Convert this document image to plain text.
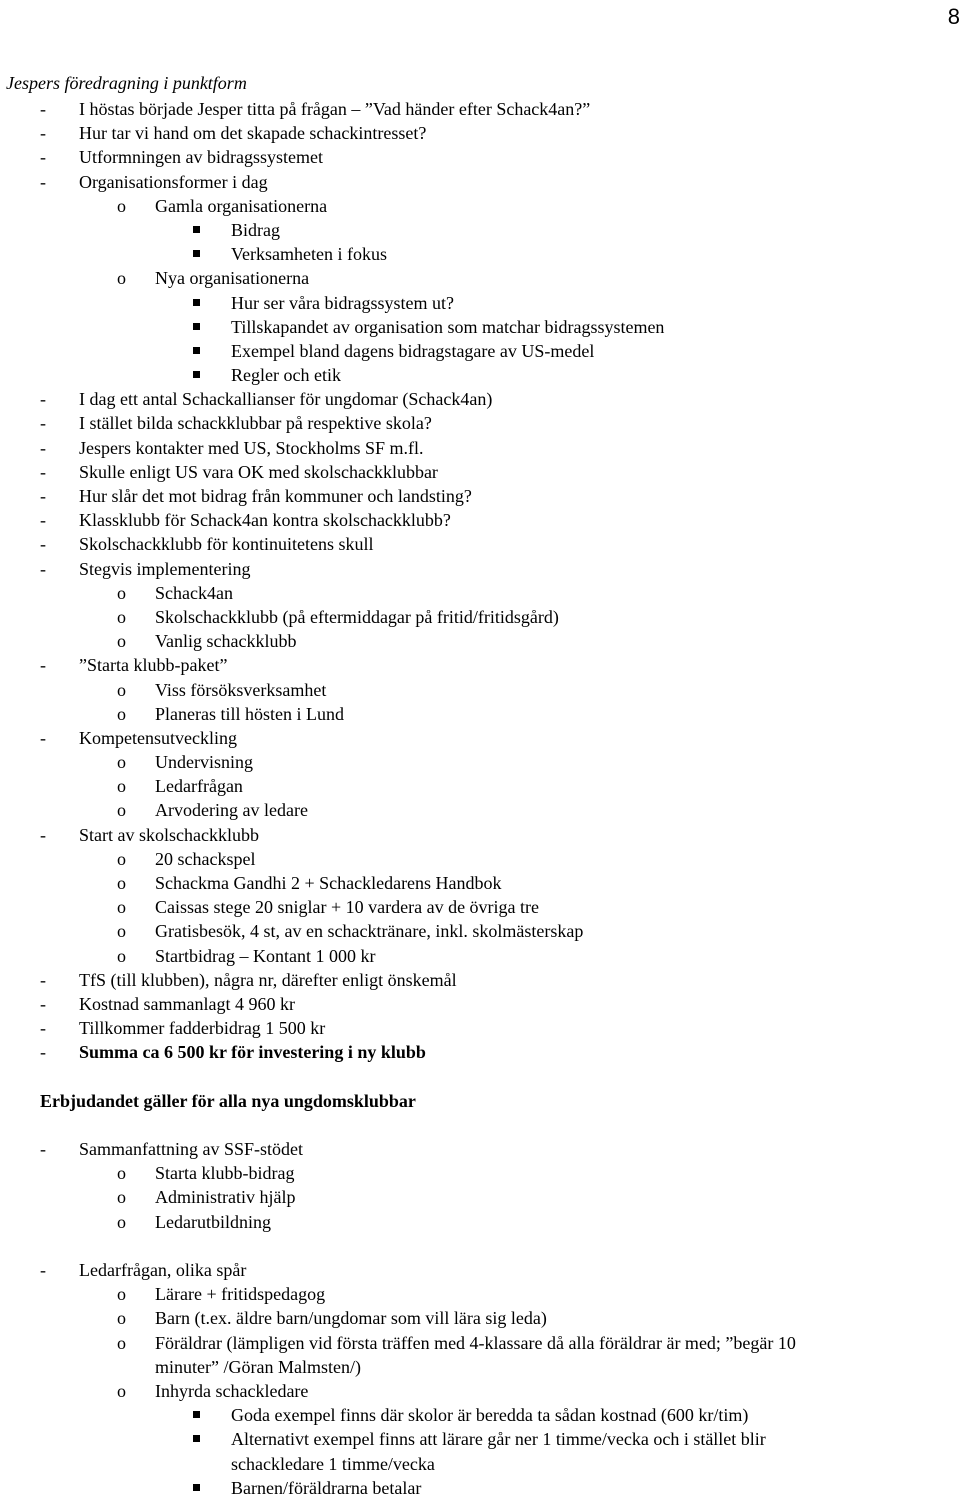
8
Jespers föredragning i punktform
- I höstas började Jesper titta på frågan – ”Vad händer efter Schack4an?”
- Hur tar vi hand om det skapade schackintresset?
- Utformningen av bidragssystemet
- Organisationsformer i dag
o Gamla organisationerna
Bidrag
Verksamheten i fokus
o Nya organisationerna
Hur ser våra bidragssystem ut?
Tillskapandet av organisation som matchar bidragssystemen
Exempel bland dagens bidragstagare av US-medel
Regler och etik
- I dag ett antal Schackallianser för ungdomar (Schack4an)
- I stället bilda schackklubbar på respektive skola?
- Jespers kontakter med US, Stockholms SF m.fl.
- Skulle enligt US vara OK med skolschackklubbar
- Hur slår det mot bidrag från kommuner och landsting?
- Klassklubb för Schack4an kontra skolschackklubb?
- Skolschackklubb för kontinuitetens skull
- Stegvis implementering
o Schack4an
o Skolschackklubb (på eftermiddagar på fritid/fritidsgård)
o Vanlig schackklubb
- ”Starta klubb-paket”
o Viss försöksverksamhet
o Planeras till hösten i Lund
- Kompetensutveckling
o Undervisning
o Ledarfrågan
o Arvodering av ledare
- Start av skolschackklubb
o 20 schackspel
o Schackma Gandhi 2 + Schackledarens Handbok
o Caissas stege 20 sniglar + 10 vardera av de övriga tre
o Gratisbesök, 4 st, av en schacktränare, inkl. skolmästerskap
o Startbidrag – Kontant 1 000 kr
- TfS (till klubben), några nr, därefter enligt önskemål
- Kostnad sammanlagt 4 960 kr
- Tillkommer fadderbidrag 1 500 kr
- Summa ca 6 500 kr för investering i ny klubb
Erbjudandet gäller för alla nya ungdomsklubbar
- Sammanfattning av SSF-stödet
o Starta klubb-bidrag
o Administrativ hjälp
o Ledarutbildning
- Ledarfrågan, olika spår
o Lärare + fritidspedagog
o Barn (t.ex. äldre barn/ungdomar som vill lära sig leda)
o Föräldrar (lämpligen vid första träffen med 4-klassare då alla föräldrar är med; ”begär 10
minuter” /Göran Malmsten/)
o Inhyrda schackledare
Goda exempel finns där skolor är beredda ta sådan kostnad (600 kr/tim)
Alternativt exempel finns att lärare går ner 1 timme/vecka och i stället blir
schackledare 1 timme/vecka
Barnen/föräldrarna betalar
